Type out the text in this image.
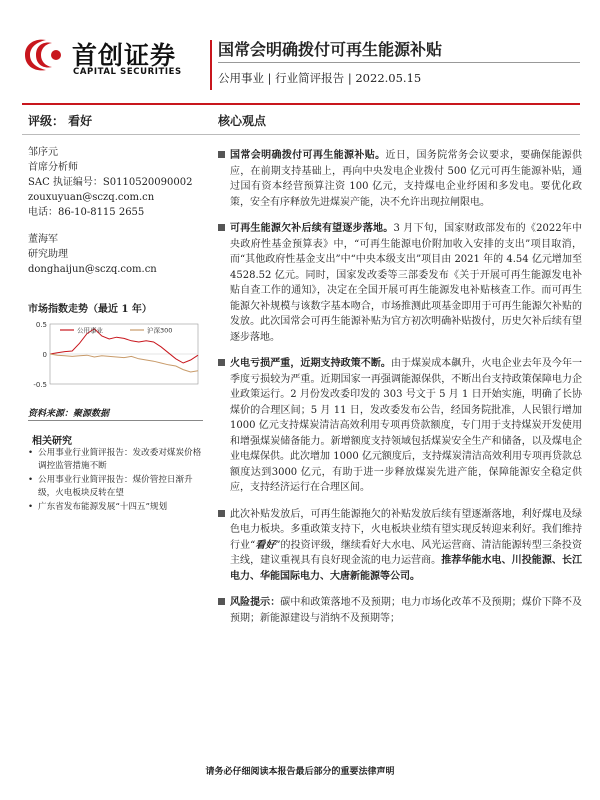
首创证券
CAPITAL SECURITIES
国常会明确拨付可再生能源补贴
公用事业 | 行业简评报告 | 2022.05.15
评级： 看好	核心观点
邹序元
首席分析师
SAC 执证编号：S0110520090002
zouxuyuan@sczq.com.cn
电话：86-10-8115 2655
董海军
研究助理
donghaijun@sczq.com.cn
市场指数走势（最近 1 年）
0.5
0
-0.5
公用事业	沪深300
资料来源：聚源数据
相关研究
• 公用事业行业简评报告：发改委对煤炭价格调控监管措施不断
• 公用事业行业简评报告：煤价管控日渐升级，火电板块反转在望
• 广东省发布能源发展“十四五”规划
国常会明确拨付可再生能源补贴。近日，国务院常务会议要求，要确保能源供应，在前期支持基础上，再向中央发电企业拨付 500 亿元可再生能源补贴，通过国有资本经营预算注资 100 亿元，支持煤电企业纾困和多发电。要优化政策，安全有序释放先进煤炭产能，决不允许出现拉闸限电。
可再生能源欠补后续有望逐步落地。3 月下旬，国家财政部发布的《2022年中央政府性基金预算表》中，“可再生能源电价附加收入安排的支出”项目取消，而“其他政府性基金支出”中“中央本级支出”项目由 2021 年的 4.54 亿元增加至 4528.52 亿元。同时，国家发改委等三部委发布《关于开展可再生能源发电补贴自查工作的通知》，决定在全国开展可再生能源发电补贴核查工作。而可再生能源欠补规模与该数字基本吻合，市场推测此项基金即用于可再生能源欠补贴的发放。此次国常会可再生能源补贴为官方初次明确补贴拨付，历史欠补后续有望逐步落地。
火电亏损严重，近期支持政策不断。由于煤炭成本飙升，火电企业去年及今年一季度亏损较为严重。近期国家一再强调能源保供，不断出台支持政策保障电力企业政策运行。2 月份发改委印发的 303 号文于 5 月 1 日开始实施，明确了长协煤价的合理区间；5 月 11 日，发改委发布公告，经国务院批准，人民银行增加 1000 亿元支持煤炭清洁高效利用专项再贷款额度，专门用于支持煤炭开发使用和增强煤炭储备能力。新增额度支持领域包括煤炭安全生产和储备，以及煤电企业电煤保供。此次增加 1000 亿元额度后，支持煤炭清洁高效利用专项再贷款总额度达到3000 亿元，有助于进一步释放煤炭先进产能，保障能源安全稳定供应，支持经济运行在合理区间。
此次补贴发放后，可再生能源拖欠的补贴发放后续有望逐渐落地，利好煤电及绿色电力板块。多重政策支持下，火电板块业绩有望实现反转迎来利好。我们维持行业“看好”的投资评级，继续看好大水电、风光运营商、清洁能源转型三条投资主线，建议重视具有良好现金流的电力运营商。推荐华能水电、川投能源、长江电力、华能国际电力、大唐新能源等公司。
风险提示：碳中和政策落地不及预期；电力市场化改革不及预期；煤价下降不及预期；新能源建设与消纳不及预期等；
请务必仔细阅读本报告最后部分的重要法律声明
